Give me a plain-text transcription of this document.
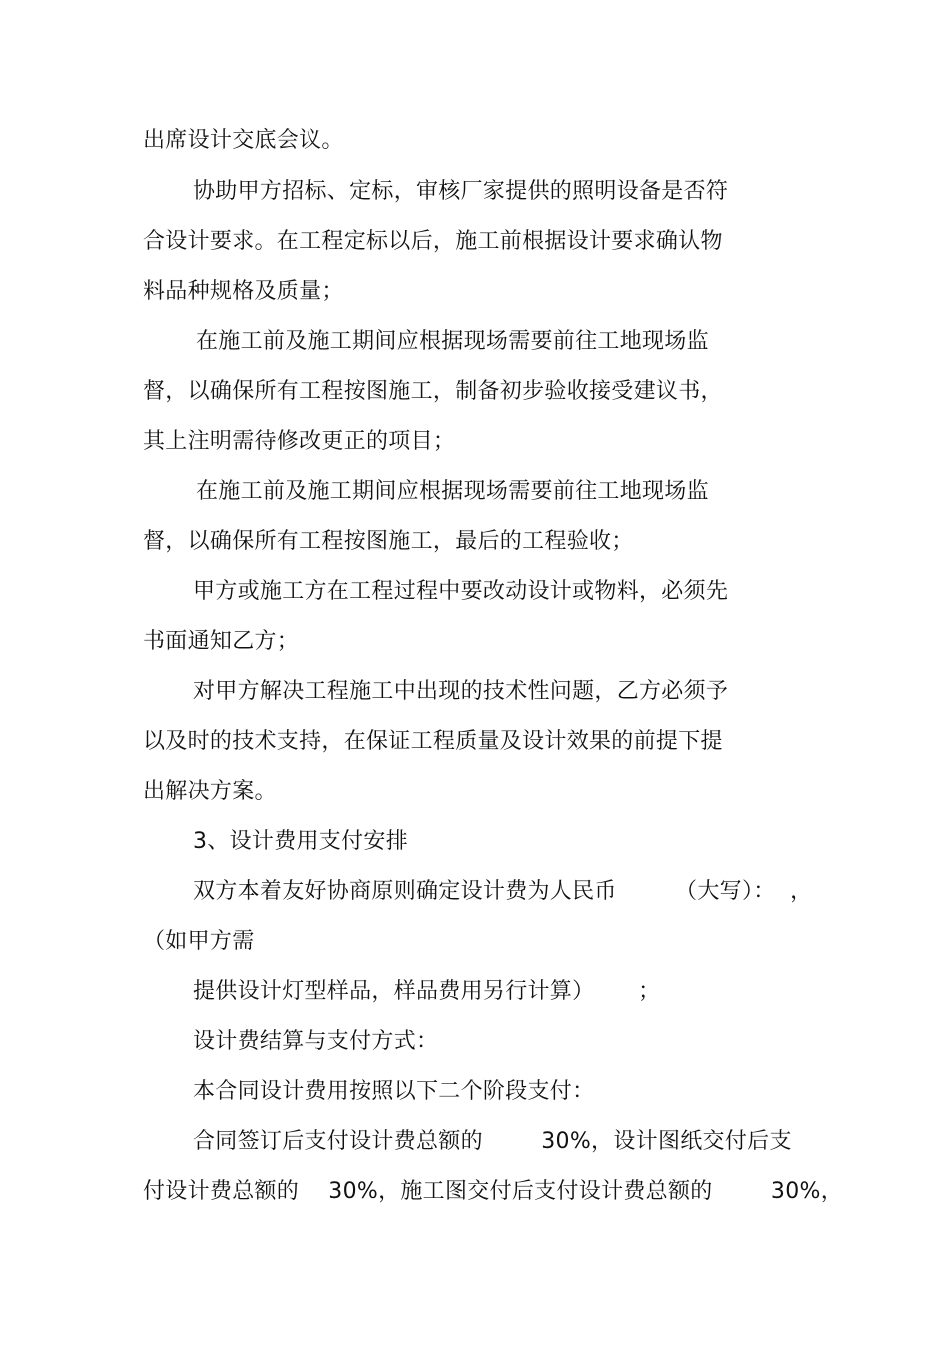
出席设计交底会议。
协助甲方招标、定标，审核厂家提供的照明设备是否符
合设计要求。在工程定标以后，施工前根据设计要求确认物
料品种规格及质量；
在施工前及施工期间应根据现场需要前往工地现场监
督，以确保所有工程按图施工，制备初步验收接受建议书，
其上注明需待修改更正的项目；
在施工前及施工期间应根据现场需要前往工地现场监
督，以确保所有工程按图施工，最后的工程验收；
甲方或施工方在工程过程中要改动设计或物料，必须先
书面通知乙方；
对甲方解决工程施工中出现的技术性问题，乙方必须予
以及时的技术支持，在保证工程质量及设计效果的前提下提
出解决方案。
3、设计费用支付安排
双方本着友好协商原则确定设计费为人民币        （大写）：  ，
（如甲方需
提供设计灯型样品，样品费用另行计算）      ；
设计费结算与支付方式：
本合同设计费用按照以下二个阶段支付：
合同签订后支付设计费总额的        30%，设计图纸交付后支
付设计费总额的    30%，施工图交付后支付设计费总额的        30%，
